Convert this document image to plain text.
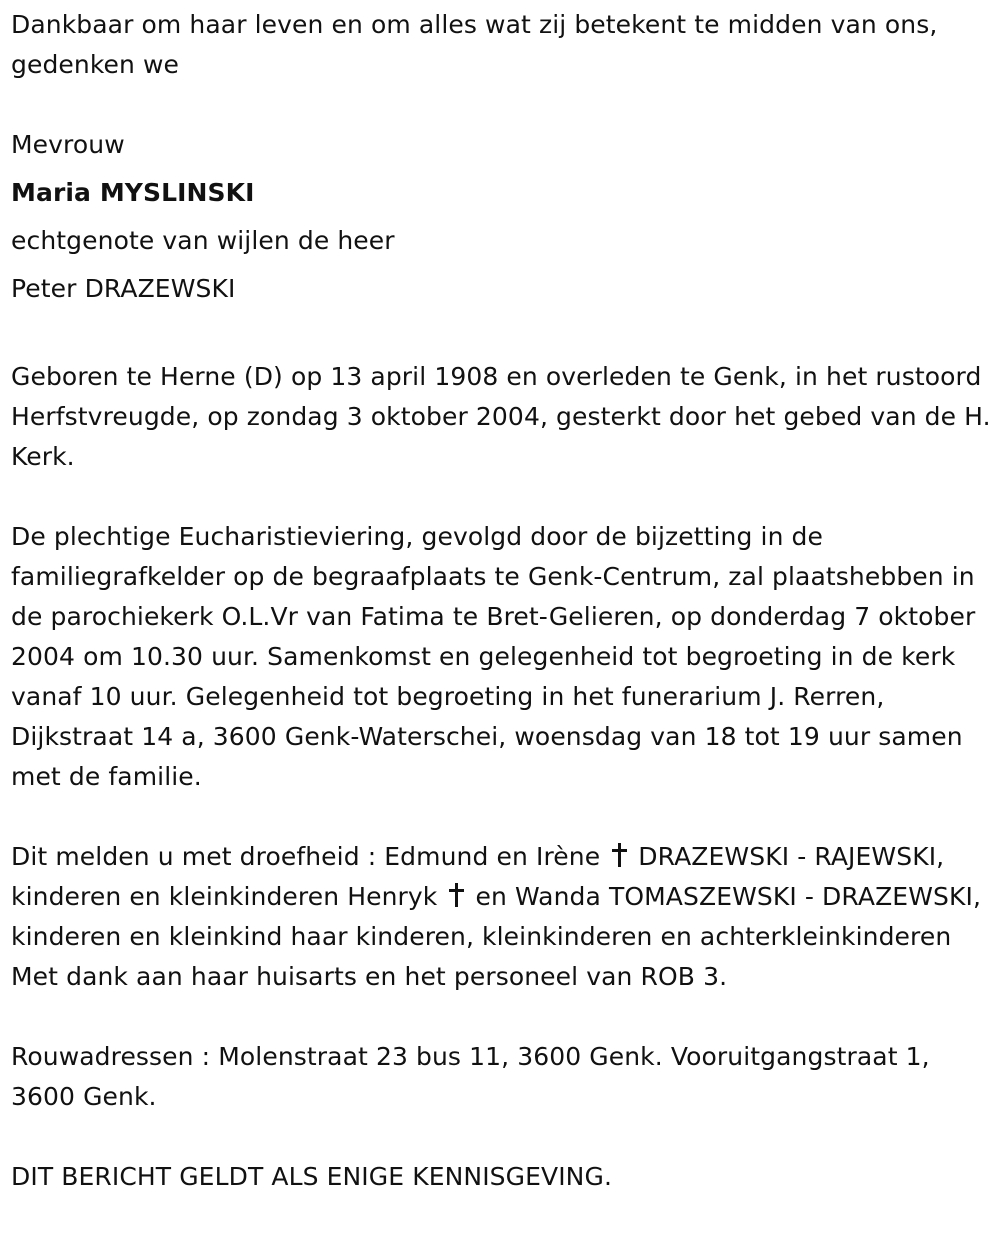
Dankbaar om haar leven en om alles wat zij betekent te midden van ons, gedenken we

Mevrouw
Maria MYSLINSKI
echtgenote van wijlen de heer
Peter DRAZEWSKI

Geboren te Herne (D) op 13 april 1908 en overleden te Genk, in het rustoord Herfstvreugde, op zondag 3 oktober 2004, gesterkt door het gebed van de H. Kerk.

De plechtige Eucharistieviering, gevolgd door de bijzetting in de familiegrafkelder op de begraafplaats te Genk-Centrum, zal plaatshebben in de parochiekerk O.L.Vr van Fatima te Bret-Gelieren, op donderdag 7 oktober 2004 om 10.30 uur. Samenkomst en gelegenheid tot begroeting in de kerk vanaf 10 uur. Gelegenheid tot begroeting in het funerarium J. Rerren, Dijkstraat 14 a, 3600 Genk-Waterschei, woensdag van 18 tot 19 uur samen met de familie.

Dit melden u met droefheid : Edmund en Irène DRAZEWSKI - RAJEWSKI, kinderen en kleinkinderen Henryk en Wanda TOMASZEWSKI - DRAZEWSKI, kinderen en kleinkind haar kinderen, kleinkinderen en achterkleinkinderen Met dank aan haar huisarts en het personeel van ROB 3.

Rouwadressen : Molenstraat 23 bus 11, 3600 Genk. Vooruitgangstraat 1, 3600 Genk.

DIT BERICHT GELDT ALS ENIGE KENNISGEVING.
